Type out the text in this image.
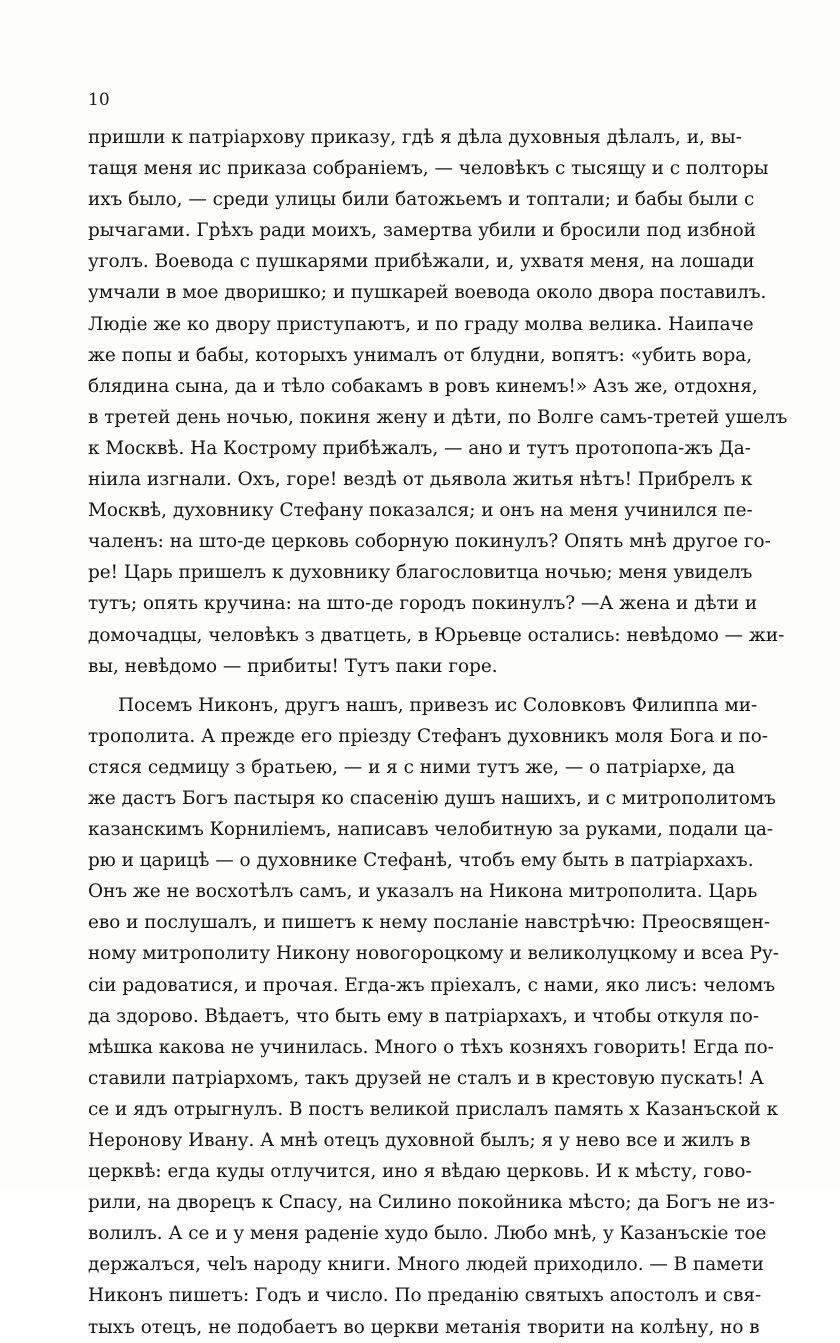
10
пришли к патріархову приказу, гдѣ я дѣла духовныя дѣлалъ, и, вы-
тащя меня ис приказа собраніемъ, — человѣкъ с тысящу и с полторы
ихъ было, — среди улицы били батожьемъ и топтали; и бабы были с
рычагами. Грѣхъ ради моихъ, замертва убили и бросили под избной
уголъ. Воевода с пушкарями прибѣжали, и, ухватя меня, на лошади
умчали в мое дворишко; и пушкарей воевода около двора поставилъ.
Людіе же ко двору приступаютъ, и по граду молва велика. Наипаче
же попы и бабы, которыхъ унималъ от блудни, вопятъ: «убить вора,
блядина сына, да и тѣло собакамъ в ровъ кинемъ!» Азъ же, отдохня,
в третей день ночью, покиня жену и дѣти, по Волге самъ-третей ушелъ
к Москвѣ. На Кострому прибѣжалъ, — ано и тутъ протопопа-жъ Да-
ніила изгнали. Охъ, горе! вездѣ от дьявола житья нѣтъ! Прибрелъ к
Москвѣ, духовнику Стефану показался; и онъ на меня учинился пе-
чаленъ: на што-де церковь соборную покинулъ? Опять мнѣ другое го-
ре! Царь пришелъ к духовнику благословитца ночью; меня увиделъ
тутъ; опять кручина: на што-де городъ покинулъ? —А жена и дѣти и
домочадцы, человѣкъ з дватцеть, в Юрьевце остались: невѣдомо — жи-
вы, невѣдомо — прибиты! Тутъ паки горе.
Посемъ Никонъ, другъ нашъ, привезъ ис Соловковъ Филиппа ми-
трополита. А прежде его пріезду Стефанъ духовникъ моля Бога и по-
стяся седмицу з братьею, — и я с ними тутъ же, — о патріархе, да
же дастъ Богъ пастыря ко спасенію душъ нашихъ, и с митрополитомъ
казанскимъ Корниліемъ, написавъ челобитную за руками, подали ца-
рю и царицѣ — о духовнике Стефанѣ, чтобъ ему быть в патріархахъ.
Онъ же не восхотѣлъ самъ, и указалъ на Никона митрополита. Царь
ево и послушалъ, и пишетъ к нему посланіе навстрѣчю: Преосвящен-
ному митрополиту Никону новогороцкому и великолуцкому и всеа Ру-
сіи радоватися, и прочая. Егда-жъ пріехалъ, с нами, яко лисъ: челомъ
да здорово. Вѣдаетъ, что быть ему в патріархахъ, и чтобы откуля по-
мѣшка какова не учинилась. Много о тѣхъ козняхъ говорить! Егда по-
ставили патріархомъ, такъ друзей не сталъ и в крестовую пускать! А
се и ядъ отрыгнулъ. В постъ великой прислалъ память х Казанъской к
Неронову Ивану. А мнѣ отецъ духовной былъ; я у нево все и жилъ в
церквѣ: егда куды отлучится, ино я вѣдаю церковь. И к мѣсту, гово-
рили, на дворецъ к Спасу, на Силино покойника мѣсто; да Богъ не из-
волилъ. А се и у меня раденіе худо было. Любо мнѣ, у Казанъскіе тое
держалъся, чelъ народу книги. Много людей приходило. — В памети
Никонъ пишетъ: Годъ и число. По преданію святыхъ апостолъ и свя-
тыхъ отецъ, не подобаетъ во церкви метанія творити на колѣну, но в
